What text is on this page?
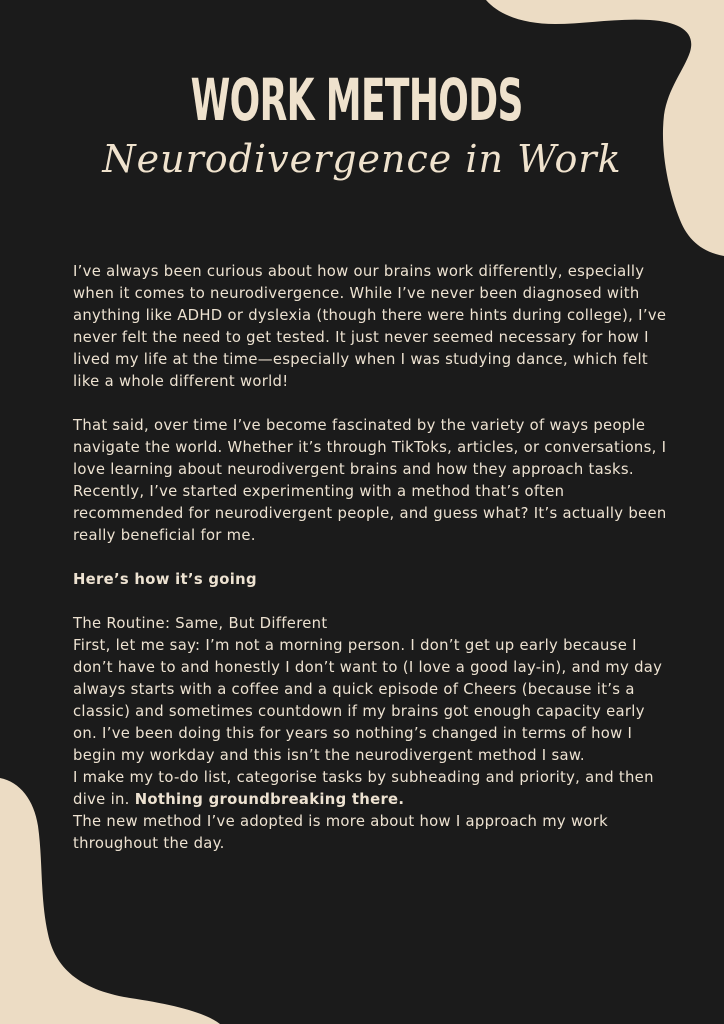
WORK METHODS
Neurodivergence in Work

I’ve always been curious about how our brains work differently, especially when it comes to neurodivergence. While I’ve never been diagnosed with anything like ADHD or dyslexia (though there were hints during college), I’ve never felt the need to get tested. It just never seemed necessary for how I lived my life at the time—especially when I was studying dance, which felt like a whole different world!

That said, over time I’ve become fascinated by the variety of ways people navigate the world. Whether it’s through TikToks, articles, or conversations, I love learning about neurodivergent brains and how they approach tasks. Recently, I’ve started experimenting with a method that’s often recommended for neurodivergent people, and guess what? It’s actually been really beneficial for me.

Here’s how it’s going

The Routine: Same, But Different

First, let me say: I’m not a morning person. I don’t get up early because I don’t have to and honestly I don’t want to (I love a good lay-in), and my day always starts with a coffee and a quick episode of Cheers (because it’s a classic) and sometimes countdown if my brains got enough capacity early on. I’ve been doing this for years so nothing’s changed in terms of how I begin my workday and this isn’t the neurodivergent method I saw.

I make my to-do list, categorise tasks by subheading and priority, and then dive in. Nothing groundbreaking there.

The new method I’ve adopted is more about how I approach my work throughout the day.
